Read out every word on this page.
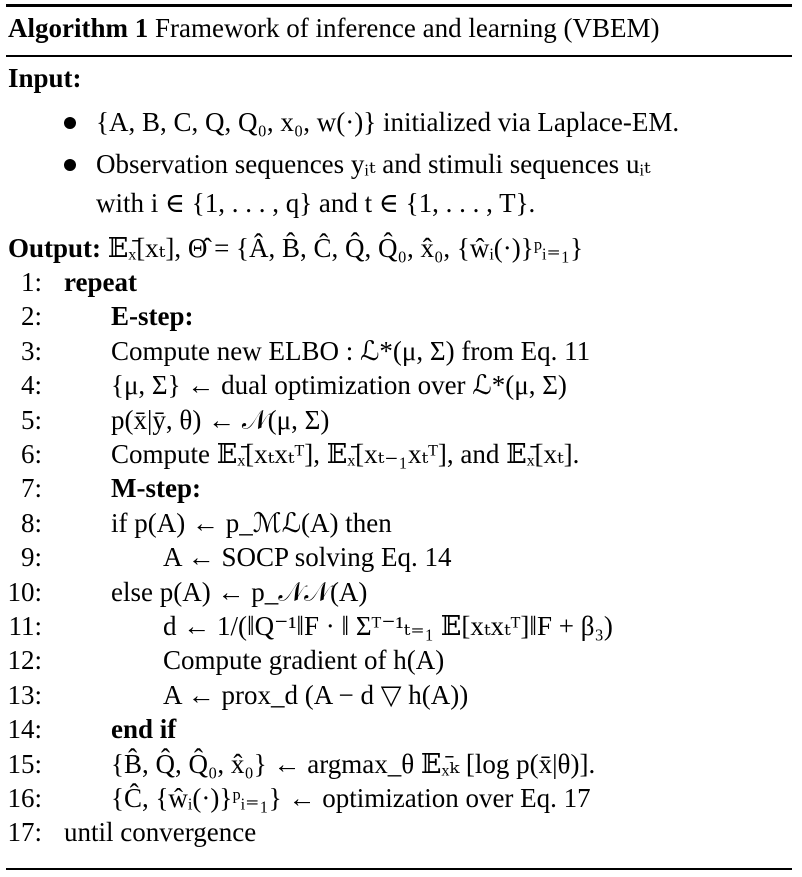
Algorithm 1 Framework of inference and learning (VBEM)
Input:
{A, B, C, Q, Q₀, x₀, w(·)} initialized via Laplace-EM.
Observation sequences yᵢₜ and stimuli sequences uᵢₜ
with i ∈ {1, . . . , q} and t ∈ {1, . . . , T}.
Output: 𝔼ₓ̄[xₜ], Θ̂ = {Â, B̂, Ĉ, Q̂, Q̂₀, x̂₀, {ŵᵢ(·)}ᵖᵢ₌₁}
1: repeat
2:	E-step:
3:	Compute new ELBO : ℒ*(μ, Σ) from Eq. 11
4:	{μ, Σ} ← dual optimization over ℒ*(μ, Σ)
5:	p(x̄|ȳ, θ) ← 𝒩(μ, Σ)
6:	Compute 𝔼ₓ̄[xₜxₜᵀ], 𝔼ₓ̄[xₜ₋₁xₜᵀ], and 𝔼ₓ̄[xₜ].
7:	M-step:
8:	if p(A) ← p_ℳℒ(A) then
9:	A ← SOCP solving Eq. 14
10:	else p(A) ← p_𝒩𝒩(A)
11:	d ← 1/(‖Q⁻¹‖F · ‖ Σᵀ⁻¹ₜ₌₁ 𝔼[xₜxₜᵀ]‖F + β₃)
12:	Compute gradient of h(A)
13:	A ← prox_d (A − d ▽ h(A))
14:	end if
15:	{B̂, Q̂, Q̂₀, x̂₀} ← argmax_θ 𝔼ₓ̄ₖ [log p(x̄|θ)].
16:	{Ĉ, {ŵᵢ(·)}ᵖᵢ₌₁} ← optimization over Eq. 17
17: until convergence
